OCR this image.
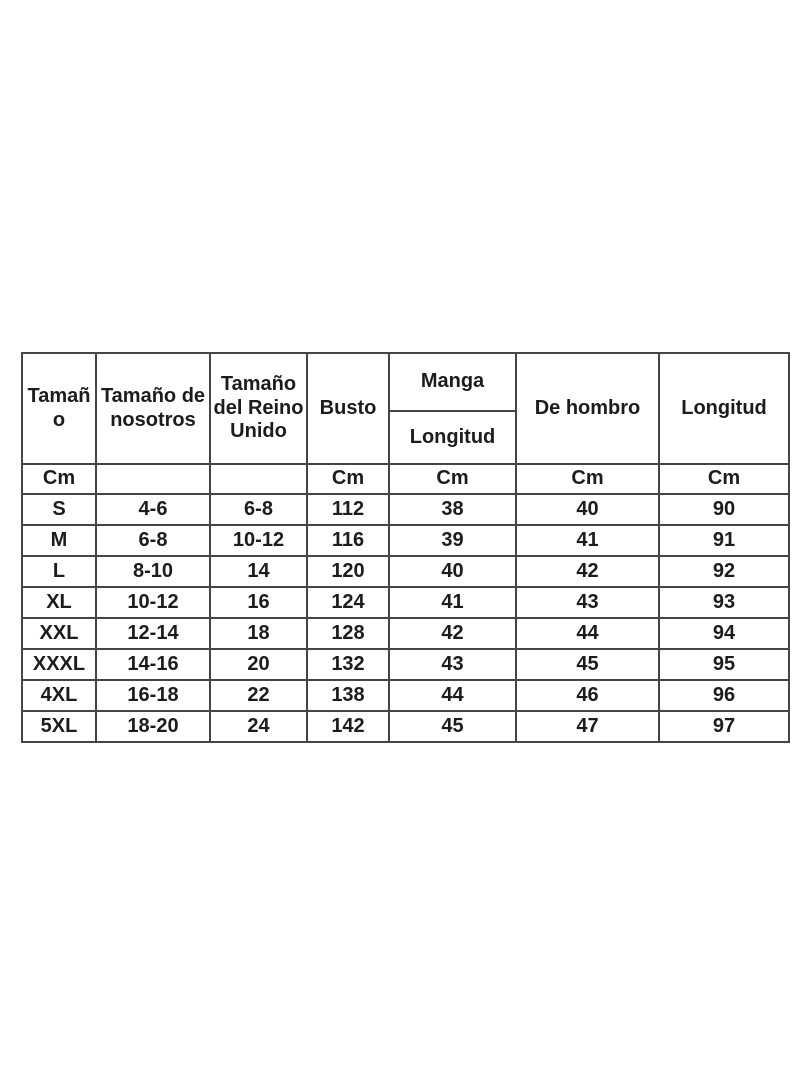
Tamaño	Tamaño de nosotros	Tamaño del Reino Unido	Busto	Manga	De hombro	Longitud
				Longitud		
Cm			Cm	Cm	Cm	Cm
S	4-6	6-8	112	38	40	90
M	6-8	10-12	116	39	41	91
L	8-10	14	120	40	42	92
XL	10-12	16	124	41	43	93
XXL	12-14	18	128	42	44	94
XXXL	14-16	20	132	43	45	95
4XL	16-18	22	138	44	46	96
5XL	18-20	24	142	45	47	97
